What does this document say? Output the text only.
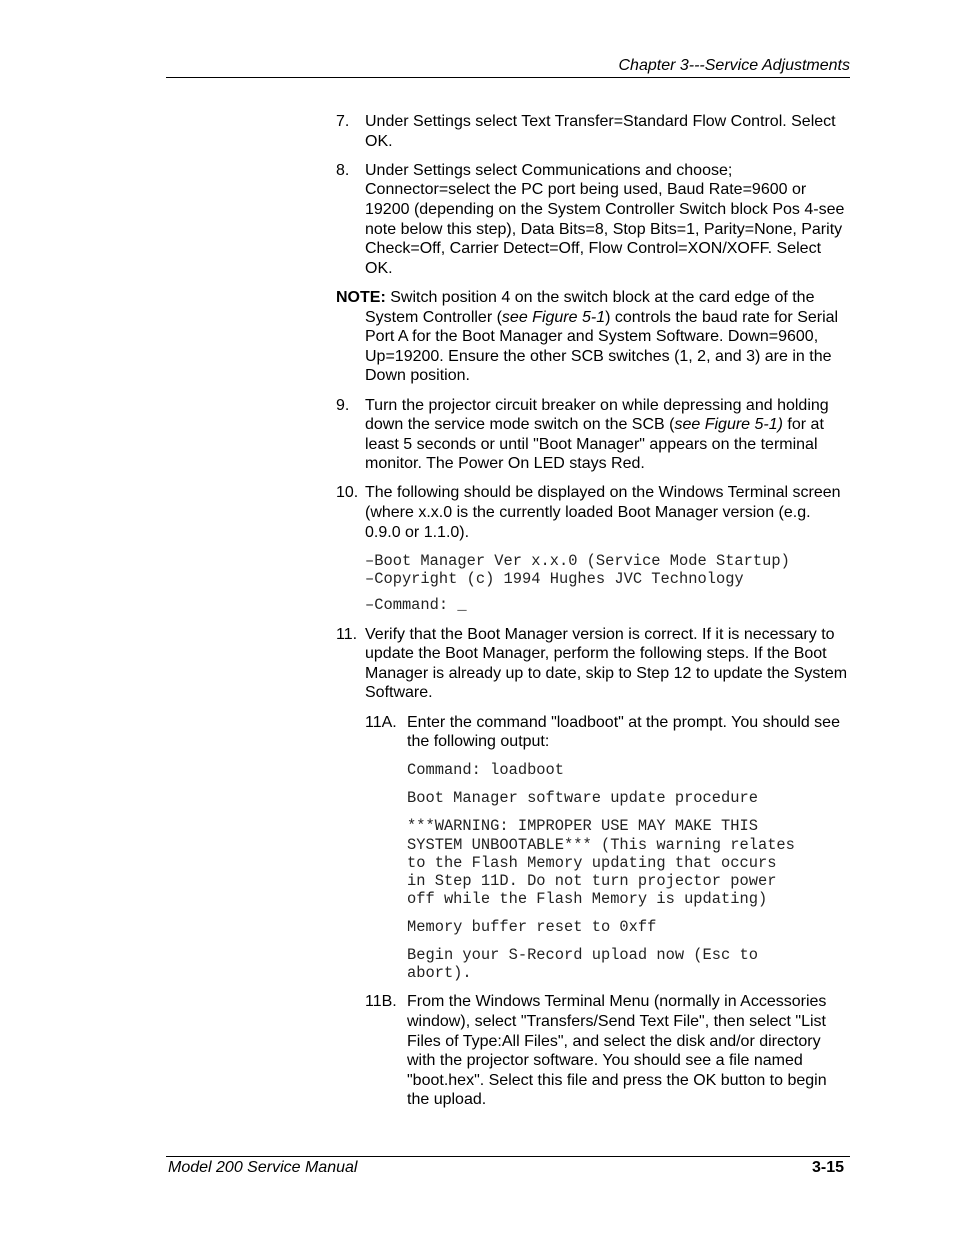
Chapter 3---Service Adjustments
7. Under Settings select Text Transfer=Standard Flow Control. Select OK.
8. Under Settings select Communications and choose; Connector=select the PC port being used, Baud Rate=9600 or 19200 (depending on the System Controller Switch block Pos 4-see note below this step), Data Bits=8, Stop Bits=1, Parity=None, Parity Check=Off, Carrier Detect=Off, Flow Control=XON/XOFF. Select OK.
NOTE: Switch position 4 on the switch block at the card edge of the System Controller (see Figure 5-1) controls the baud rate for Serial Port A for the Boot Manager and System Software. Down=9600, Up=19200. Ensure the other SCB switches (1, 2, and 3) are in the Down position.
9. Turn the projector circuit breaker on while depressing and holding down the service mode switch on the SCB (see Figure 5-1) for at least 5 seconds or until "Boot Manager" appears on the terminal monitor. The Power On LED stays Red.
10. The following should be displayed on the Windows Terminal screen (where x.x.0 is the currently loaded Boot Manager version (e.g. 0.9.0 or 1.1.0).
–Boot Manager Ver x.x.0 (Service Mode Startup)
–Copyright (c) 1994 Hughes JVC Technology
–Command: _
11. Verify that the Boot Manager version is correct. If it is necessary to update the Boot Manager, perform the following steps. If the Boot Manager is already up to date, skip to Step 12 to update the System Software.
11A. Enter the command "loadboot" at the prompt. You should see the following output:
Command: loadboot
Boot Manager software update procedure
***WARNING: IMPROPER USE MAY MAKE THIS
SYSTEM UNBOOTABLE*** (This warning relates
to the Flash Memory updating that occurs
in Step 11D. Do not turn projector power
off while the Flash Memory is updating)
Memory buffer reset to 0xff
Begin your S-Record upload now (Esc to
abort).
11B. From the Windows Terminal Menu (normally in Accessories window), select "Transfers/Send Text File", then select "List Files of Type:All Files", and select the disk and/or directory with the projector software. You should see a file named "boot.hex". Select this file and press the OK button to begin the upload.
Model 200 Service Manual	3-15
